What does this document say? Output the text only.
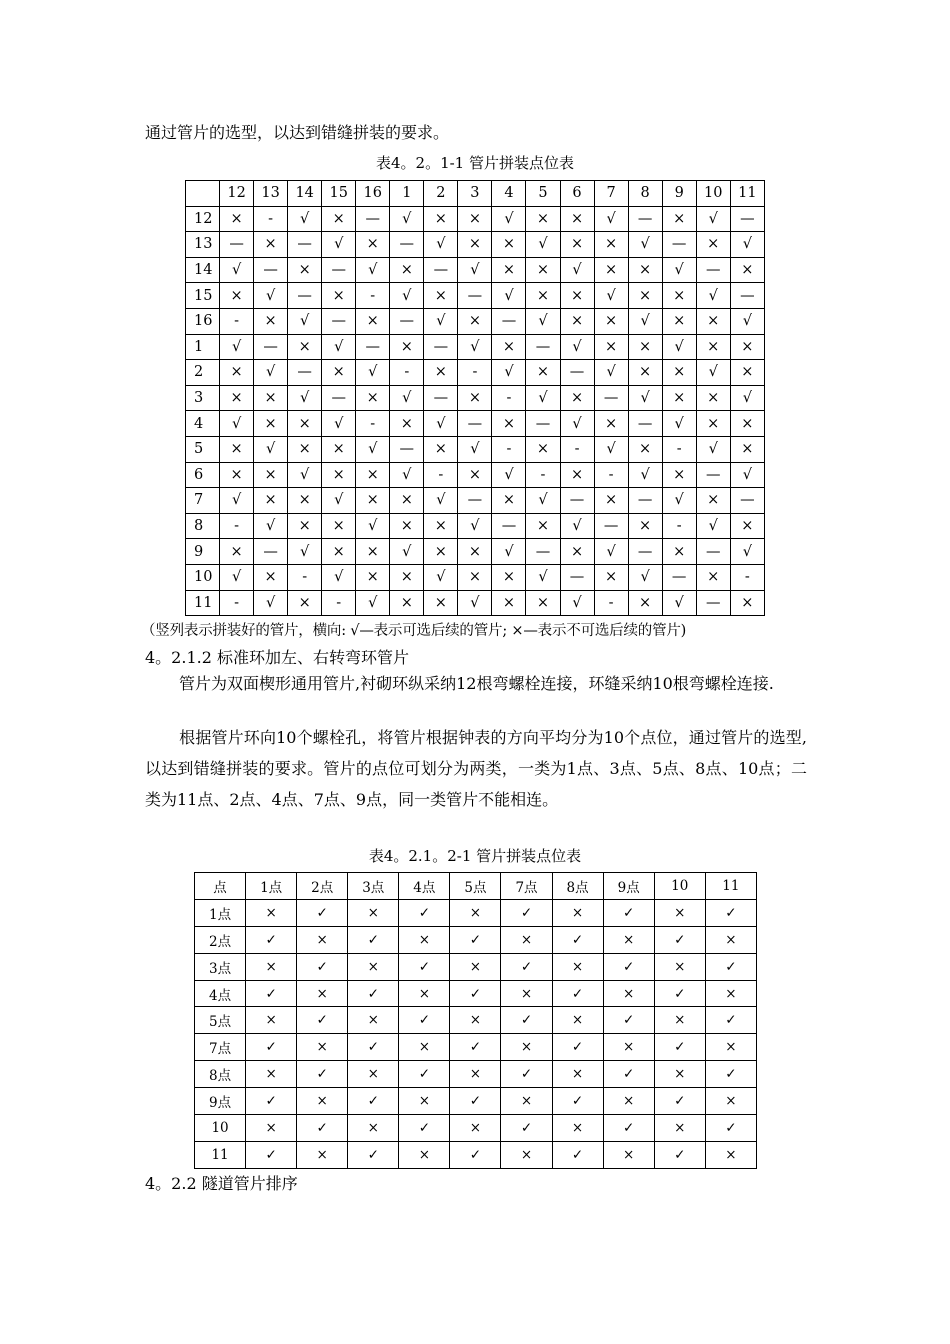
通过管片的选型，以达到错缝拼装的要求。
表4。2。1-1 管片拼装点位表
	12	13	14	15	16	1	2	3	4	5	6	7	8	9	10	11
12	×	-	√	×	—	√	×	×	√	×	×	√	—	×	√	—
13	—	×	—	√	×	—	√	×	×	√	×	×	√	—	×	√
14	√	—	×	—	√	×	—	√	×	×	√	×	×	√	—	×
15	×	√	—	×	-	√	×	—	√	×	×	√	×	×	√	—
16	-	×	√	—	×	—	√	×	—	√	×	×	√	×	×	√
1	√	—	×	√	—	×	—	√	×	—	√	×	×	√	×	×
2	×	√	—	×	√	-	×	-	√	×	—	√	×	×	√	×
3	×	×	√	—	×	√	—	×	-	√	×	—	√	×	×	√
4	√	×	×	√	-	×	√	—	×	—	√	×	—	√	×	×
5	×	√	×	×	√	—	×	√	-	×	-	√	×	-	√	×
6	×	×	√	×	×	√	-	×	√	-	×	-	√	×	—	√
7	√	×	×	√	×	×	√	—	×	√	—	×	—	√	×	—
8	-	√	×	×	√	×	×	√	—	×	√	—	×	-	√	×
9	×	—	√	×	×	√	×	×	√	—	×	√	—	×	—	√
10	√	×	-	√	×	×	√	×	×	√	—	×	√	—	×	-
11	-	√	×	-	√	×	×	√	×	×	√	-	×	√	—	×
（竖列表示拼装好的管片，横向: √—表示可选后续的管片; ×—表示不可选后续的管片)
4。2.1.2 标准环加左、右转弯环管片
管片为双面楔形通用管片,衬砌环纵采纳12根弯螺栓连接，环缝采纳10根弯螺栓连接.
根据管片环向10个螺栓孔，将管片根据钟表的方向平均分为10个点位，通过管片的选型,以达到错缝拼装的要求。管片的点位可划分为两类，一类为1点、3点、5点、8点、10点；二类为11点、2点、4点、7点、9点，同一类管片不能相连。
表4。2.1。2-1 管片拼装点位表
点	1点	2点	3点	4点	5点	7点	8点	9点	10	11
1点	×	✓	×	✓	×	✓	×	✓	×	✓
2点	✓	×	✓	×	✓	×	✓	×	✓	×
3点	×	✓	×	✓	×	✓	×	✓	×	✓
4点	✓	×	✓	×	✓	×	✓	×	✓	×
5点	×	✓	×	✓	×	✓	×	✓	×	✓
7点	✓	×	✓	×	✓	×	✓	×	✓	×
8点	×	✓	×	✓	×	✓	×	✓	×	✓
9点	✓	×	✓	×	✓	×	✓	×	✓	×
10	×	✓	×	✓	×	✓	×	✓	×	✓
11	✓	×	✓	×	✓	×	✓	×	✓	×
4。2.2 隧道管片排序
